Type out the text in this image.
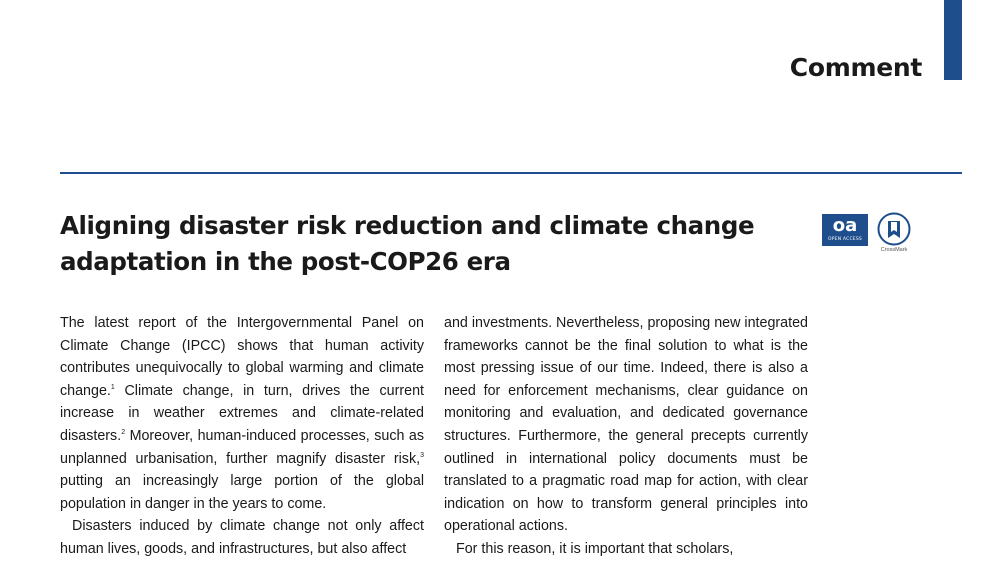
Comment
Aligning disaster risk reduction and climate change adaptation in the post-COP26 era
oa
OPEN ACCESS
CrossMark

The latest report of the Intergovernmental Panel on Climate Change (IPCC) shows that human activity contributes unequivocally to global warming and climate change.$^1$ Climate change, in turn, drives the current increase in weather extremes and climate-related disasters.$^2$ Moreover, human-induced processes, such as unplanned urbanisation, further magnify disaster risk,$^3$ putting an increasingly large portion of the global population in danger in the years to come.

Disasters induced by climate change not only affect human lives, goods, and infrastructures, but also affect

and investments. Nevertheless, proposing new integrated frameworks cannot be the final solution to what is the most pressing issue of our time. Indeed, there is also a need for enforcement mechanisms, clear guidance on monitoring and evaluation, and dedicated governance structures. Furthermore, the general precepts currently outlined in international policy documents must be translated to a pragmatic road map for action, with clear indication on how to transform general principles into operational actions.

For this reason, it is important that scholars,
